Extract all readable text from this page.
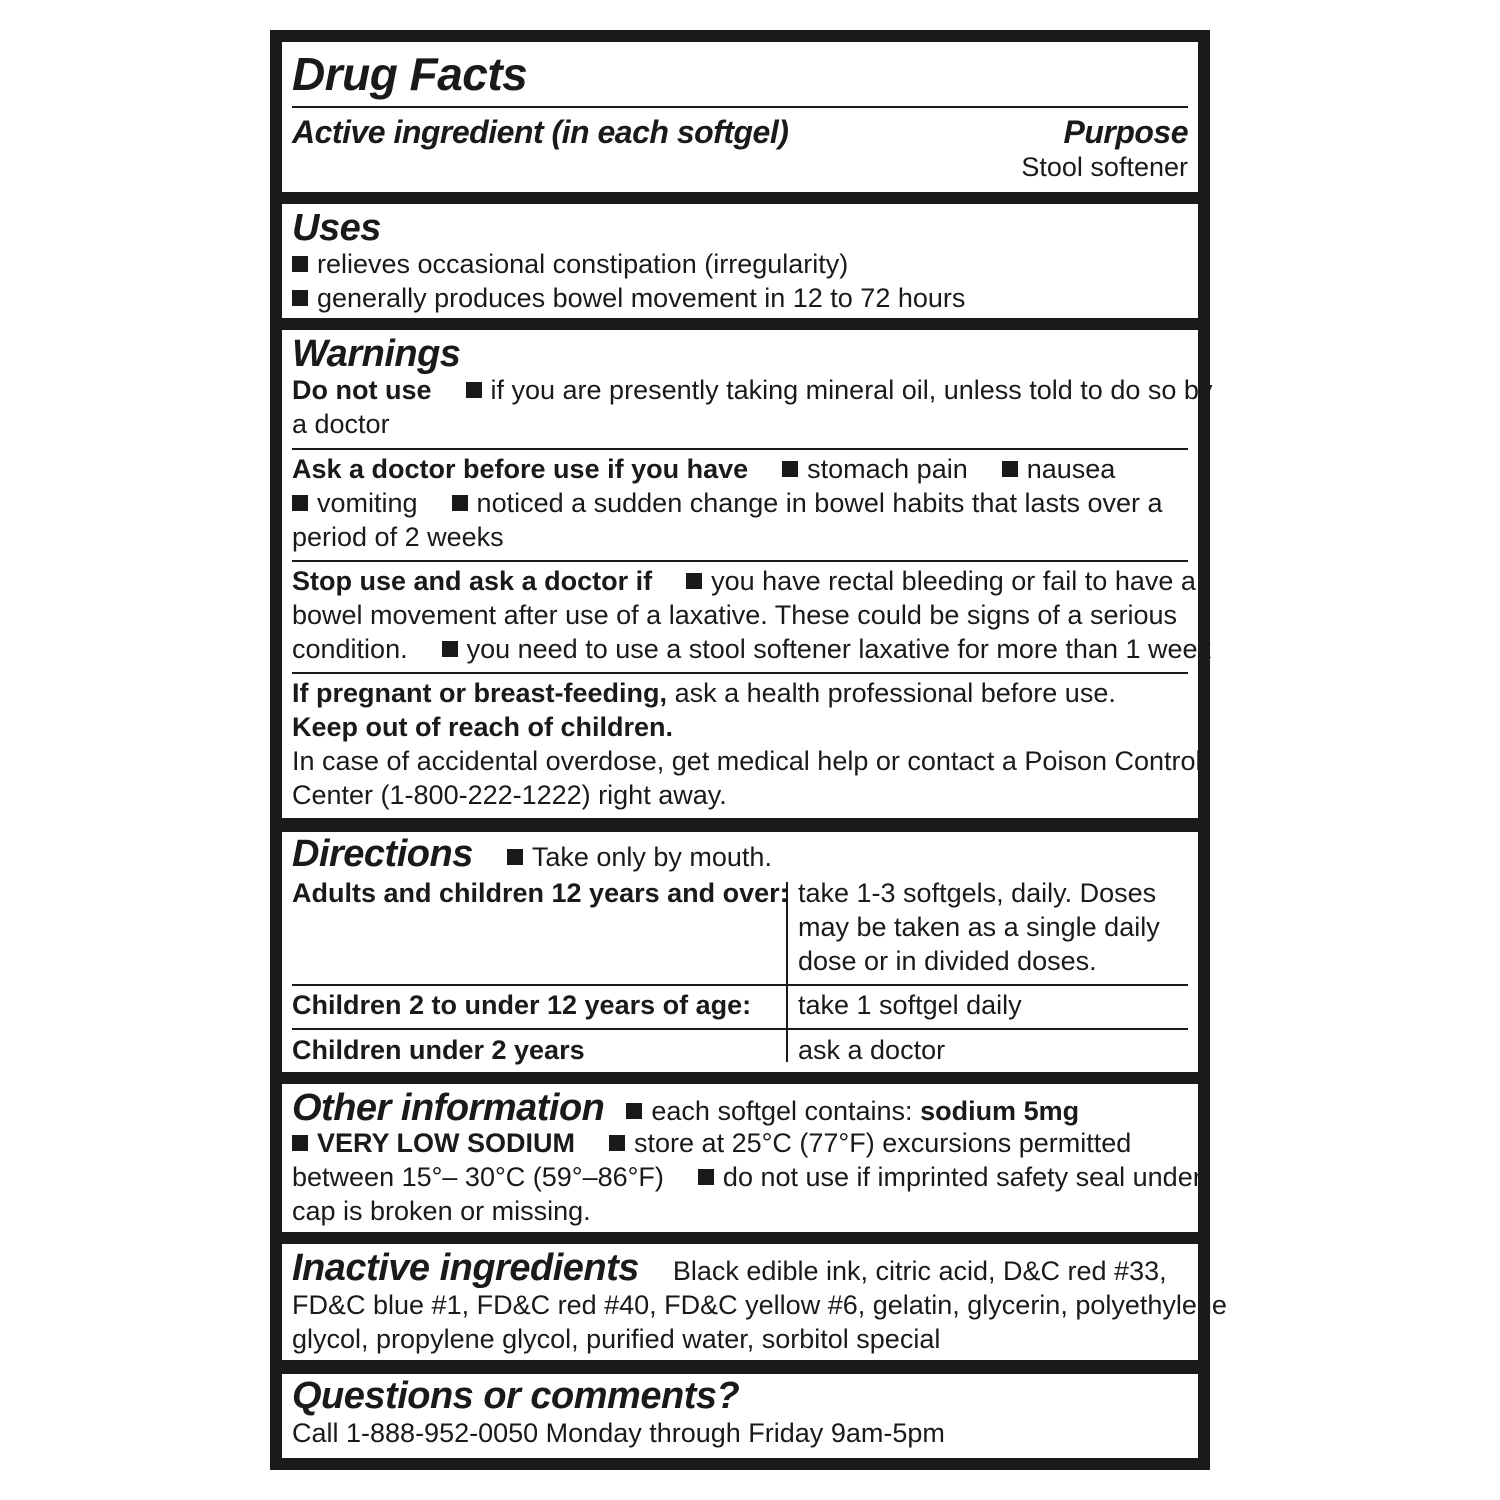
Drug Facts
Active ingredient (in each softgel)	Purpose
Stool softener
Uses
relieves occasional constipation (irregularity)
generally produces bowel movement in 12 to 72 hours
Warnings
Do not use if you are presently taking mineral oil, unless told to do so by
a doctor
Ask a doctor before use if you have stomach pain nausea
vomiting noticed a sudden change in bowel habits that lasts over a
period of 2 weeks
Stop use and ask a doctor if you have rectal bleeding or fail to have a
bowel movement after use of a laxative. These could be signs of a serious
condition. you need to use a stool softener laxative for more than 1 week
If pregnant or breast-feeding, ask a health professional before use.
Keep out of reach of children.
In case of accidental overdose, get medical help or contact a Poison Control
Center (1-800-222-1222) right away.
Directions Take only by mouth.
Adults and children 12 years and over: take 1-3 softgels, daily. Doses
may be taken as a single daily
dose or in divided doses.
Children 2 to under 12 years of age: take 1 softgel daily
Children under 2 years	ask a doctor
Other information each softgel contains: sodium 5mg
VERY LOW SODIUM store at 25°C (77°F) excursions permitted
between 15°– 30°C (59°–86°F) do not use if imprinted safety seal under
cap is broken or missing.
Inactive ingredients Black edible ink, citric acid, D&C red #33,
FD&C blue #1, FD&C red #40, FD&C yellow #6, gelatin, glycerin, polyethylene
glycol, propylene glycol, purified water, sorbitol special
Questions or comments?
Call 1-888-952-0050 Monday through Friday 9am-5pm
